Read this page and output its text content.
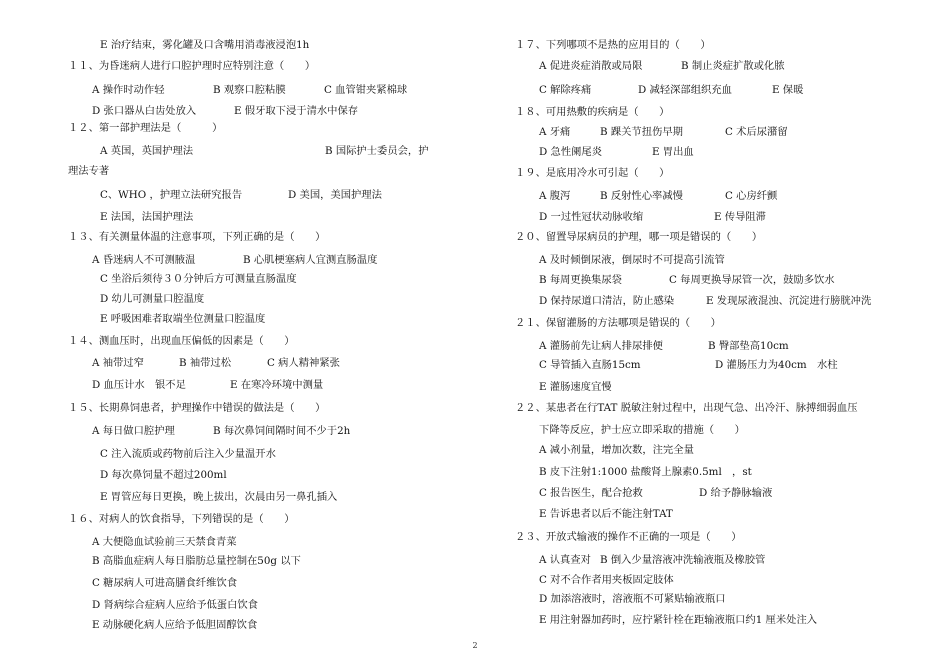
E 治疗结束，雾化罐及口含嘴用消毒液浸泡1h
１１、为昏迷病人进行口腔护理时应特别注意（　　）
A 操作时动作轻	B 观察口腔粘膜	C 血管钳夹紧棉球
D 张口器从白齿处放入	E 假牙取下浸于清水中保存
１２、第一部护理法是（　　　）
A 英国，英国护理法	B 国际护士委员会，护
理法专著
C、WHO ，护理立法研究报告	D 美国，美国护理法
E 法国，法国护理法
１３、有关测量体温的注意事项，下列正确的是（　　）
A 昏迷病人不可测腋温	B 心肌梗塞病人宜测直肠温度
C 坐浴后须待３０分钟后方可测量直肠温度
D 幼儿可测量口腔温度
E 呼吸困难者取端坐位测量口腔温度
１４、测血压时，出现血压偏低的因素是（　　）
A 袖带过窄	B 袖带过松	C 病人精神紧张
D 血压计水　银不足	E 在寒冷环境中测量
１５、长期鼻饲患者，护理操作中错误的做法是（　　）
A 每日做口腔护理	B 每次鼻饲间隔时间不少于2h
C 注入流质或药物前后注入少量温开水
D 每次鼻饲量不超过200ml
E 胃管应每日更换，晚上拔出，次晨由另一鼻孔插入
１６、对病人的饮食指导，下列错误的是（　　）
A 大便隐血试验前三天禁食青菜
B 高脂血症病人每日脂肪总量控制在50g 以下
C 糖尿病人可进高膳食纤维饮食
D 肾病综合症病人应给予低蛋白饮食
E 动脉硬化病人应给予低胆固醇饮食
１７、下列哪项不是热的应用目的（　　）
A 促进炎症消散或局限	B 制止炎症扩散或化脓
C 解除疼痛	D 减轻深部组织充血	E 保暖
１８、可用热敷的疾病是（　　）
A 牙痛	B 踝关节扭伤早期	C 术后尿潴留
D 急性阑尾炎	E 胃出血
１９、是底用冷水可引起（　　）
A 腹泻	B 反射性心率减慢	C 心房纤颤
D 一过性冠状动脉收缩	E 传导阻滞
２０、留置导尿病员的护理，哪一项是错误的（　　）
A 及时倾倒尿液，倒尿时不可提高引流管
B 每周更换集尿袋	C 每周更换导尿管一次，鼓励多饮水
D 保持尿道口清洁，防止感染	E 发现尿液混浊、沉淀进行膀胱冲洗
２１、保留灌肠的方法哪项是错误的（　　）
A 灌肠前先让病人排尿排便	B 臀部垫高10cm
C 导管插入直肠15cm	D 灌肠压力为40cm　水柱
E 灌肠速度宜慢
２２、某患者在行TAT 脱敏注射过程中，出现气急、出冷汗、脉搏细弱血压
下降等反应，护士应立即采取的措施（　　）
A 减小剂量，增加次数，注完全量
B 皮下注射1:1000 盐酸肾上腺素0.5ml　，st
C 报告医生，配合抢救	D 给予静脉输液
E 告诉患者以后不能注射TAT
２３、开放式输液的操作不正确的一项是（　　）
A 认真查对 B 倒入少量溶液冲洗输液瓶及橡胶管
C 对不合作者用夹板固定肢体
D 加添溶液时，溶液瓶不可紧贴输液瓶口
E 用注射器加药时，应拧紧针栓在距输液瓶口约1 厘米处注入
2
